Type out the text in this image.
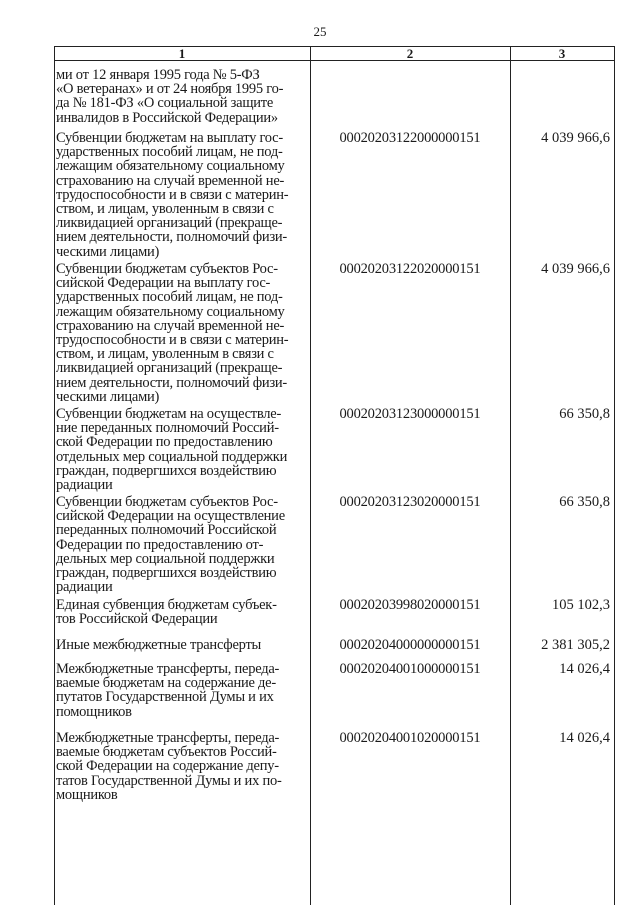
25
1	2	3
ми от 12 января 1995 года № 5-ФЗ
«О ветеранах» и от 24 ноября 1995 го-
да № 181-ФЗ «О социальной защите
инвалидов в Российской Федерации»
Субвенции бюджетам на выплату гос-
ударственных пособий лицам, не под-
лежащим обязательному социальному
страхованию на случай временной не-
трудоспособности и в связи с материн-
ством, и лицам, уволенным в связи с
ликвидацией организаций (прекраще-
нием деятельности, полномочий физи-
ческими лицами)
00020203122000000151	4 039 966,6
Субвенции бюджетам субъектов Рос-
сийской Федерации на выплату гос-
ударственных пособий лицам, не под-
лежащим обязательному социальному
страхованию на случай временной не-
трудоспособности и в связи с материн-
ством, и лицам, уволенным в связи с
ликвидацией организаций (прекраще-
нием деятельности, полномочий физи-
ческими лицами)
00020203122020000151	4 039 966,6
Субвенции бюджетам на осуществле-
ние переданных полномочий Россий-
ской Федерации по предоставлению
отдельных мер социальной поддержки
граждан, подвергшихся воздействию
радиации
00020203123000000151	66 350,8
Субвенции бюджетам субъектов Рос-
сийской Федерации на осуществление
переданных полномочий Российской
Федерации по предоставлению от-
дельных мер социальной поддержки
граждан, подвергшихся воздействию
радиации
00020203123020000151	66 350,8
Единая субвенция бюджетам субъек-
тов Российской Федерации
00020203998020000151	105 102,3
Иные межбюджетные трансферты	00020204000000000151	2 381 305,2
Межбюджетные трансферты, переда-
ваемые бюджетам на содержание де-
путатов Государственной Думы и их
помощников
00020204001000000151	14 026,4
Межбюджетные трансферты, переда-
ваемые бюджетам субъектов Россий-
ской Федерации на содержание депу-
татов Государственной Думы и их по-
мощников
00020204001020000151	14 026,4
